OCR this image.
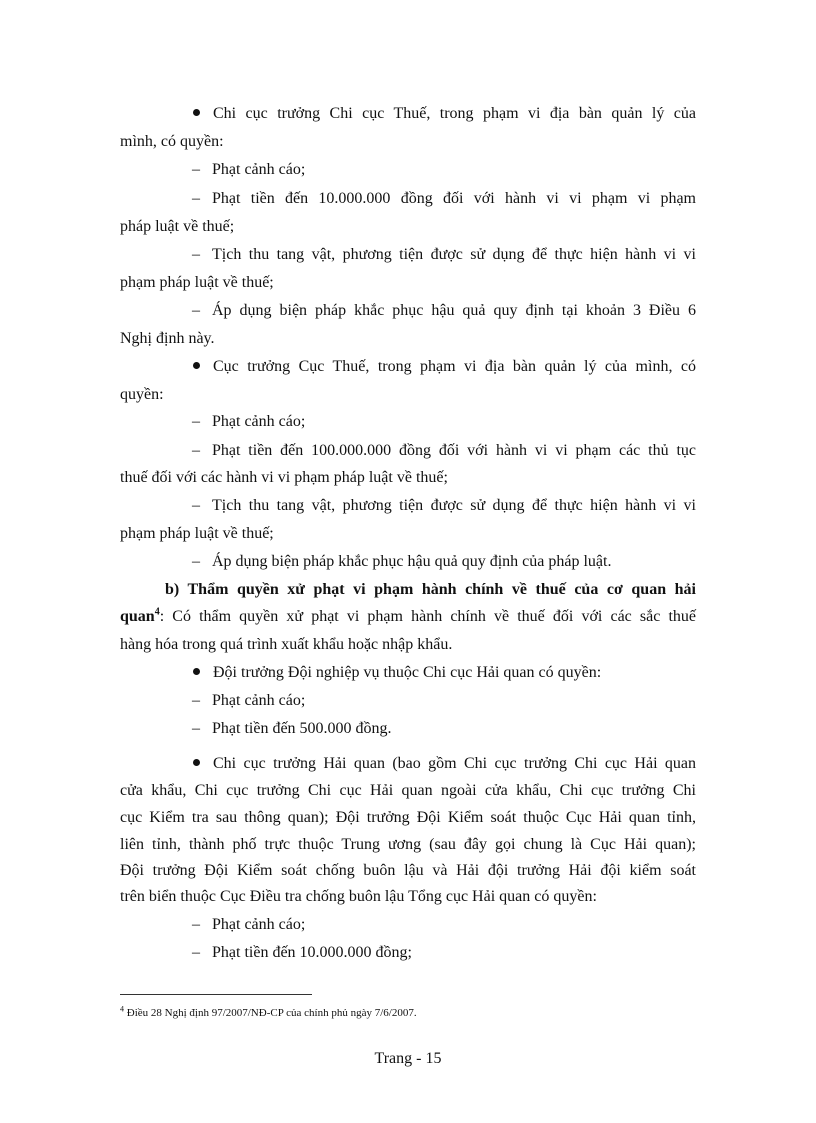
Chi cục trưởng Chi cục Thuế, trong phạm vi địa bàn quản lý của
mình, có quyền:
– Phạt cảnh cáo;
– Phạt tiền đến 10.000.000 đồng đối với hành vi vi phạm vi phạm
pháp luật về thuế;
– Tịch thu tang vật, phương tiện được sử dụng để thực hiện hành vi vi
phạm pháp luật về thuế;
– Áp dụng biện pháp khắc phục hậu quả quy định tại khoản 3 Điều 6
Nghị định này.
Cục trưởng Cục Thuế, trong phạm vi địa bàn quản lý của mình, có
quyền:
– Phạt cảnh cáo;
– Phạt tiền đến 100.000.000 đồng đối với hành vi vi phạm các thủ tục
thuế đối với các hành vi vi phạm pháp luật về thuế;
– Tịch thu tang vật, phương tiện được sử dụng để thực hiện hành vi vi
phạm pháp luật về thuế;
– Áp dụng biện pháp khắc phục hậu quả quy định của pháp luật.
b) Thẩm quyền xử phạt vi phạm hành chính về thuế của cơ quan hải
quan$^4$: Có thẩm quyền xử phạt vi phạm hành chính về thuế đối với các sắc thuế
hàng hóa trong quá trình xuất khẩu hoặc nhập khẩu.
Đội trưởng Đội nghiệp vụ thuộc Chi cục Hải quan có quyền:
– Phạt cảnh cáo;
– Phạt tiền đến 500.000 đồng.
Chi cục trưởng Hải quan (bao gồm Chi cục trưởng Chi cục Hải quan
cửa khẩu, Chi cục trưởng Chi cục Hải quan ngoài cửa khẩu, Chi cục trưởng Chi
cục Kiểm tra sau thông quan); Đội trưởng Đội Kiểm soát thuộc Cục Hải quan tỉnh,
liên tỉnh, thành phố trực thuộc Trung ương (sau đây gọi chung là Cục Hải quan);
Đội trưởng Đội Kiểm soát chống buôn lậu và Hải đội trưởng Hải đội kiểm soát
trên biển thuộc Cục Điều tra chống buôn lậu Tổng cục Hải quan có quyền:
– Phạt cảnh cáo;
– Phạt tiền đến 10.000.000 đồng;
$^4$ Điều 28 Nghị định 97/2007/NĐ-CP của chính phủ ngày 7/6/2007.
Trang - 15
